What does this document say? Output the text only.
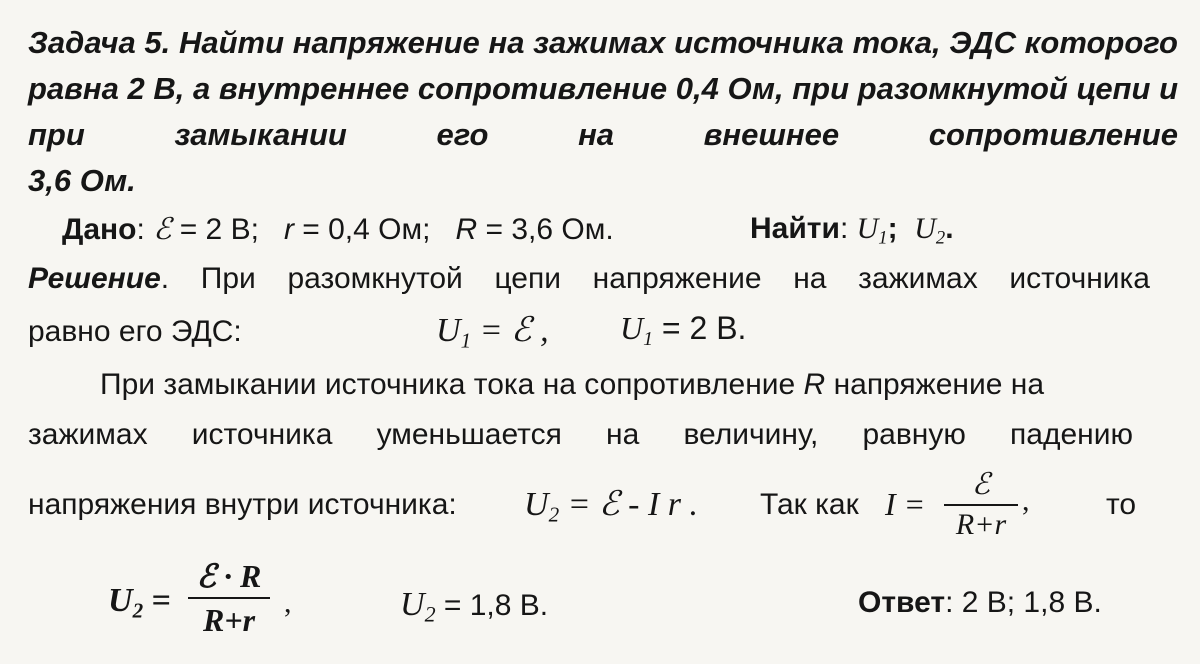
Задача 5. Найти напряжение на зажимах источника тока, ЭДС которого равна 2 В, а внутреннее сопротивление 0,4 Ом, при разомкнутой цепи и при замыкании его на внешнее сопротивление
3,6 Ом.
Дано: ℰ = 2 В; r = 0,4 Ом; R = 3,6 Ом.	Найти: $U_1$; $U_2$.
Решение. При разомкнутой цепи напряжение на зажимах источника
равно его ЭДС:	$U_1$ = ℰ , $U_1 = 2$ В.
При замыкании источника тока на сопротивление R напряжение на
зажимах источника уменьшается на величину, равную падению
напряжения внутри источника: $U_2$ = ℰ - I r . Так как I =
ℰ
R+r
,	то
$U_2$ =
ℰ · R
R+r ,	$U_2 = 1,8$ В.	Ответ: 2 В; 1,8 В.
